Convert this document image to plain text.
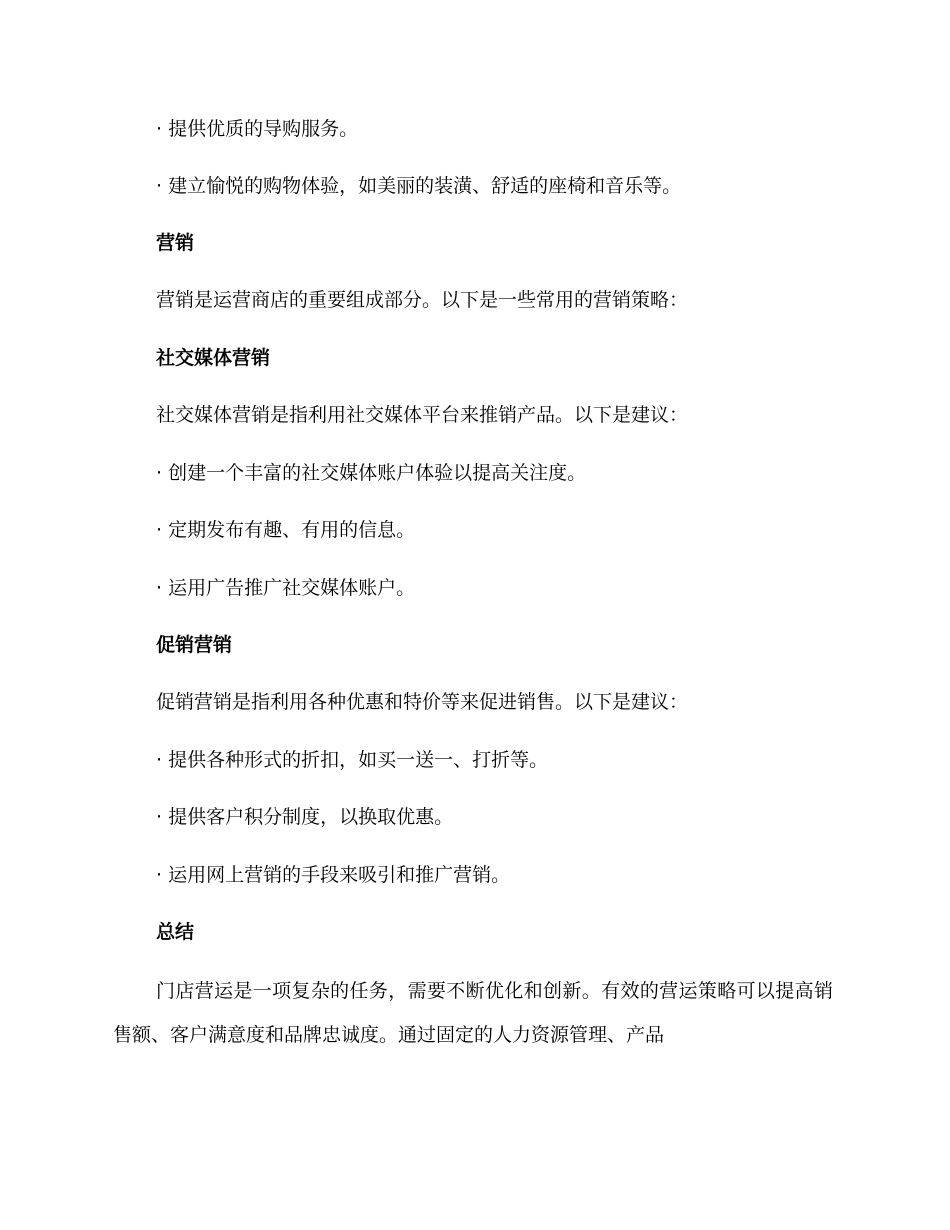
· 提供优质的导购服务。

· 建立愉悦的购物体验，如美丽的装潢、舒适的座椅和音乐等。

营销

营销是运营商店的重要组成部分。以下是一些常用的营销策略：

社交媒体营销

社交媒体营销是指利用社交媒体平台来推销产品。以下是建议：

· 创建一个丰富的社交媒体账户体验以提高关注度。

· 定期发布有趣、有用的信息。

· 运用广告推广社交媒体账户。

促销营销

促销营销是指利用各种优惠和特价等来促进销售。以下是建议：

· 提供各种形式的折扣，如买一送一、打折等。

· 提供客户积分制度，以换取优惠。

· 运用网上营销的手段来吸引和推广营销。

总结

门店营运是一项复杂的任务，需要不断优化和创新。有效的营运策略可以提高销售额、客户满意度和品牌忠诚度。通过固定的人力资源管理、产品
